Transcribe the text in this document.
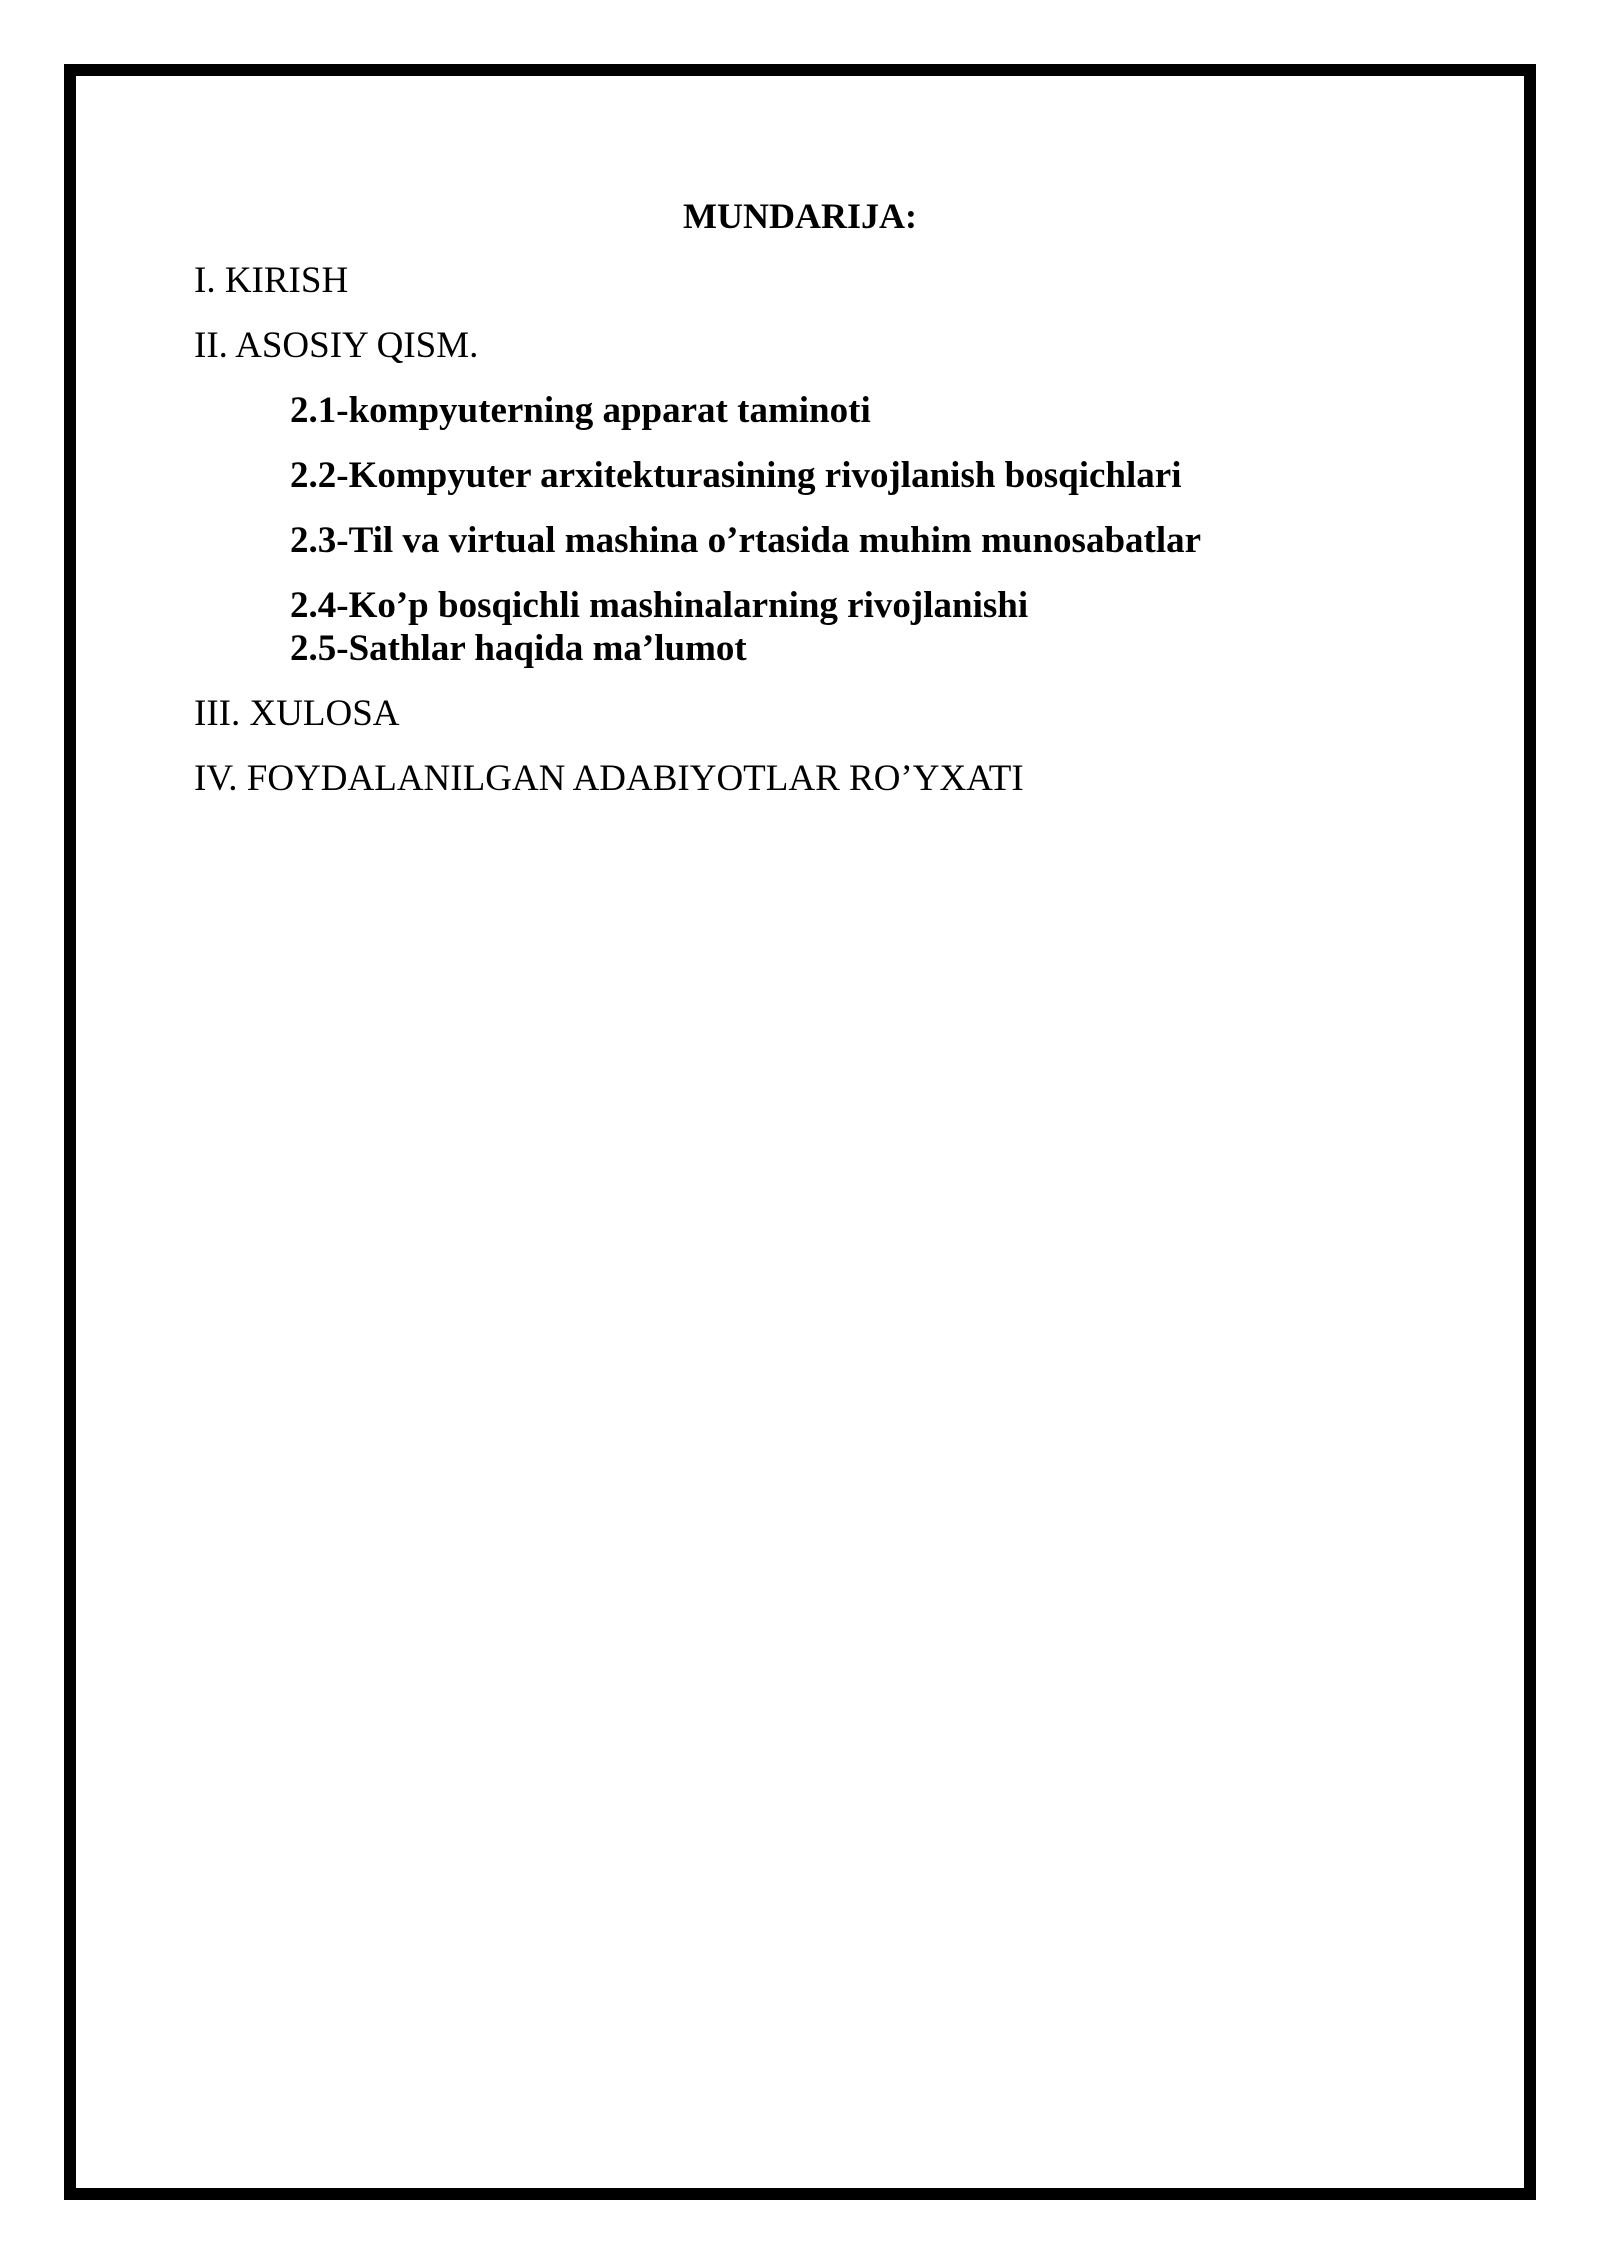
MUNDARIJA:
I. KIRISH
II. ASOSIY QISM.
2.1-kompyuterning apparat taminoti
2.2-Kompyuter arxitekturasining rivojlanish bosqichlari
2.3-Til va virtual mashina o’rtasida muhim munosabatlar
2.4-Ko’p bosqichli mashinalarning rivojlanishi
2.5-Sathlar haqida ma’lumot
III. XULOSA
IV. FOYDALANILGAN ADABIYOTLAR RO’YXATI
